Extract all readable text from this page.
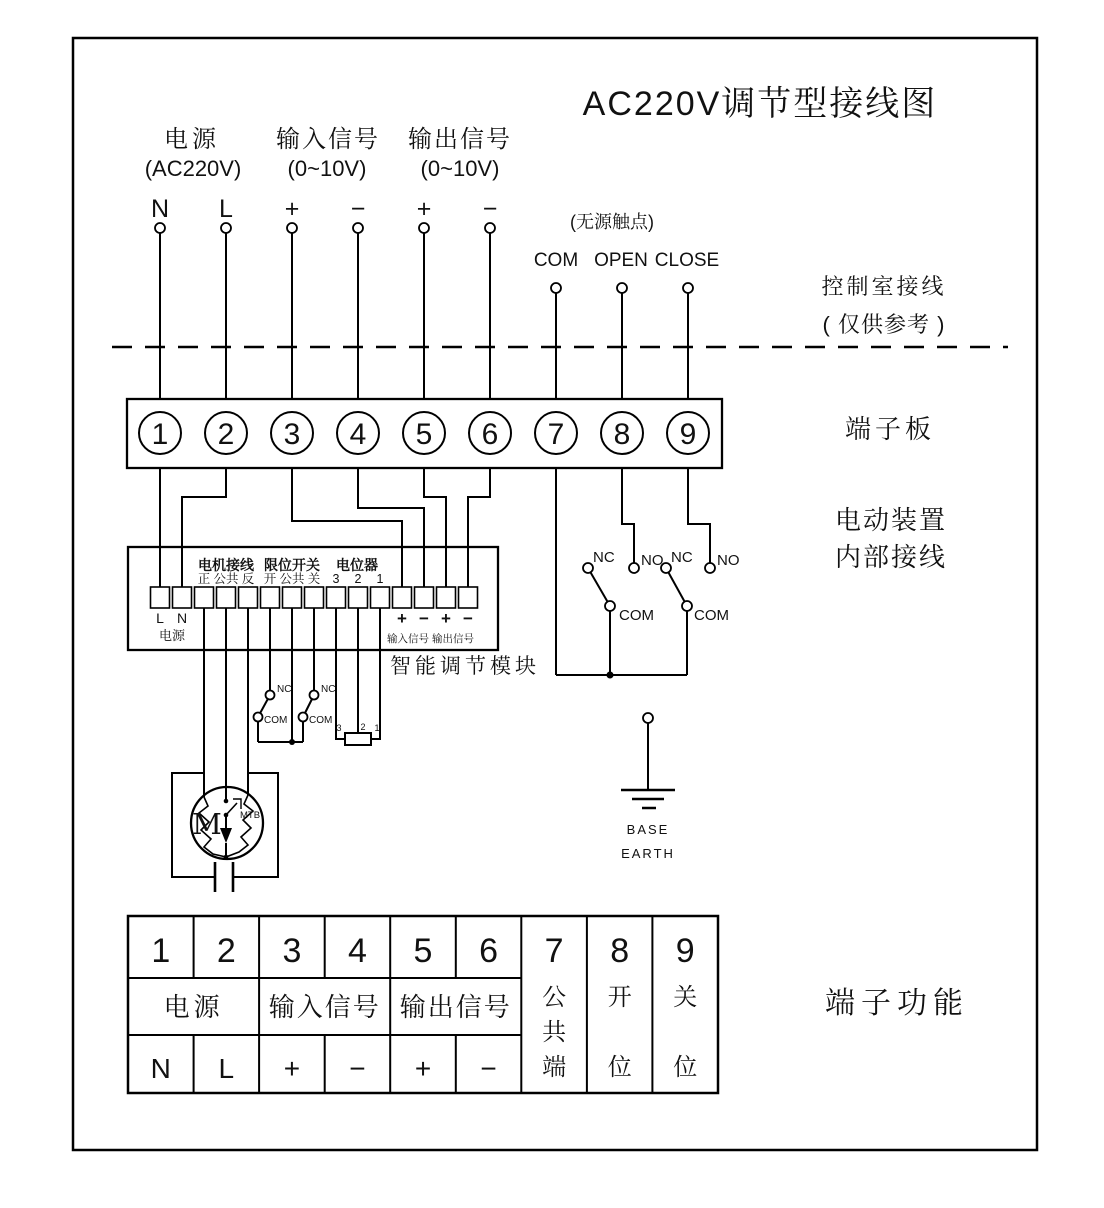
1 2 3 4 5 6 7 8 9
NC NO
COM
NC NO
COM
电机接线 限位开关 电位器
正 公共 反 开 公共 关 3 2 1
L N
电源
+ − + −
输入信号 输出信号
智能调节模块
NC
COM
NC
COM
3 2 1
M MTB
BASE
EARTH
AC220V调节型接线图
电源
(AC220V)
N L
输入信号
(0~10V)
+ −
输出信号
(0~10V)
+ −	(无源触点)
COM OPEN CLOSE
控制室接线
( 仅供参考 )
端子板
电动装置
内部接线
1 2 3 4 5 6 7 8 9
电源 输入信号 输出信号
N L + − + −
公
共
端
开
位
关
位
端子功能
